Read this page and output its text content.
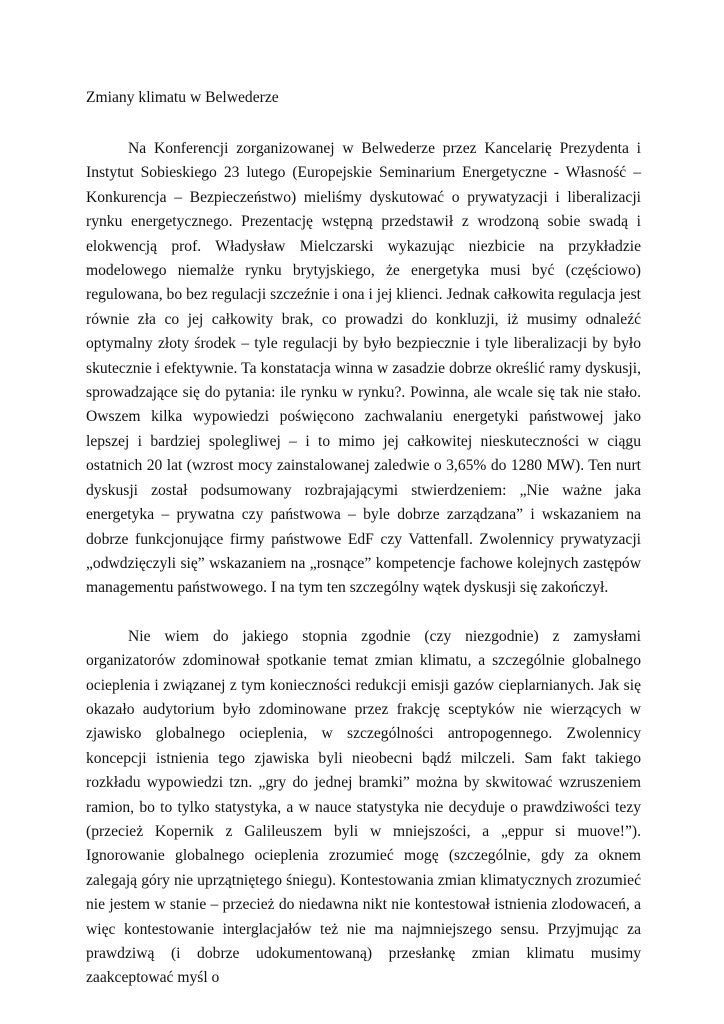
Zmiany klimatu w Belwederze

Na Konferencji zorganizowanej w Belwederze przez Kancelarię Prezydenta i Instytut Sobieskiego 23 lutego (Europejskie Seminarium Energetyczne - Własność – Konkurencja – Bezpieczeństwo) mieliśmy dyskutować o prywatyzacji i liberalizacji rynku energetycznego. Prezentację wstępną przedstawił z wrodzoną sobie swadą i elokwencją prof. Władysław Mielczarski wykazując niezbicie na przykładzie modelowego niemalże rynku brytyjskiego, że energetyka musi być (częściowo) regulowana, bo bez regulacji szczeźnie i ona i jej klienci. Jednak całkowita regulacja jest równie zła co jej całkowity brak, co prowadzi do konkluzji, iż musimy odnaleźć optymalny złoty środek – tyle regulacji by było bezpiecznie i tyle liberalizacji by było skutecznie i efektywnie. Ta konstatacja winna w zasadzie dobrze określić ramy dyskusji, sprowadzające się do pytania: ile rynku w rynku?. Powinna, ale wcale się tak nie stało. Owszem kilka wypowiedzi poświęcono zachwalaniu energetyki państwowej jako lepszej i bardziej spolegliwej – i to mimo jej całkowitej nieskuteczności w ciągu ostatnich 20 lat (wzrost mocy zainstalowanej zaledwie o 3,65% do 1280 MW). Ten nurt dyskusji został podsumowany rozbrajającymi stwierdzeniem: „Nie ważne jaka energetyka – prywatna czy państwowa – byle dobrze zarządzana” i wskazaniem na dobrze funkcjonujące firmy państwowe EdF czy Vattenfall. Zwolennicy prywatyzacji „odwdzięczyli się” wskazaniem na „rosnące” kompetencje fachowe kolejnych zastępów managementu państwowego. I na tym ten szczególny wątek dyskusji się zakończył.

Nie wiem do jakiego stopnia zgodnie (czy niezgodnie) z zamysłami organizatorów zdominował spotkanie temat zmian klimatu, a szczególnie globalnego ocieplenia i związanej z tym konieczności redukcji emisji gazów cieplarnianych. Jak się okazało audytorium było zdominowane przez frakcję sceptyków nie wierzących w zjawisko globalnego ocieplenia, w szczególności antropogennego. Zwolennicy koncepcji istnienia tego zjawiska byli nieobecni bądź milczeli. Sam fakt takiego rozkładu wypowiedzi tzn. „gry do jednej bramki” można by skwitować wzruszeniem ramion, bo to tylko statystyka, a w nauce statystyka nie decyduje o prawdziwości tezy (przecież Kopernik z Galileuszem byli w mniejszości, a „eppur si muove!”). Ignorowanie globalnego ocieplenia zrozumieć mogę (szczególnie, gdy za oknem zalegają góry nie uprzątniętego śniegu). Kontestowania zmian klimatycznych zrozumieć nie jestem w stanie – przecież do niedawna nikt nie kontestował istnienia zlodowaceń, a więc kontestowanie interglacjałów też nie ma najmniejszego sensu. Przyjmując za prawdziwą (i dobrze udokumentowaną) przesłankę zmian klimatu musimy zaakceptować myśl o
